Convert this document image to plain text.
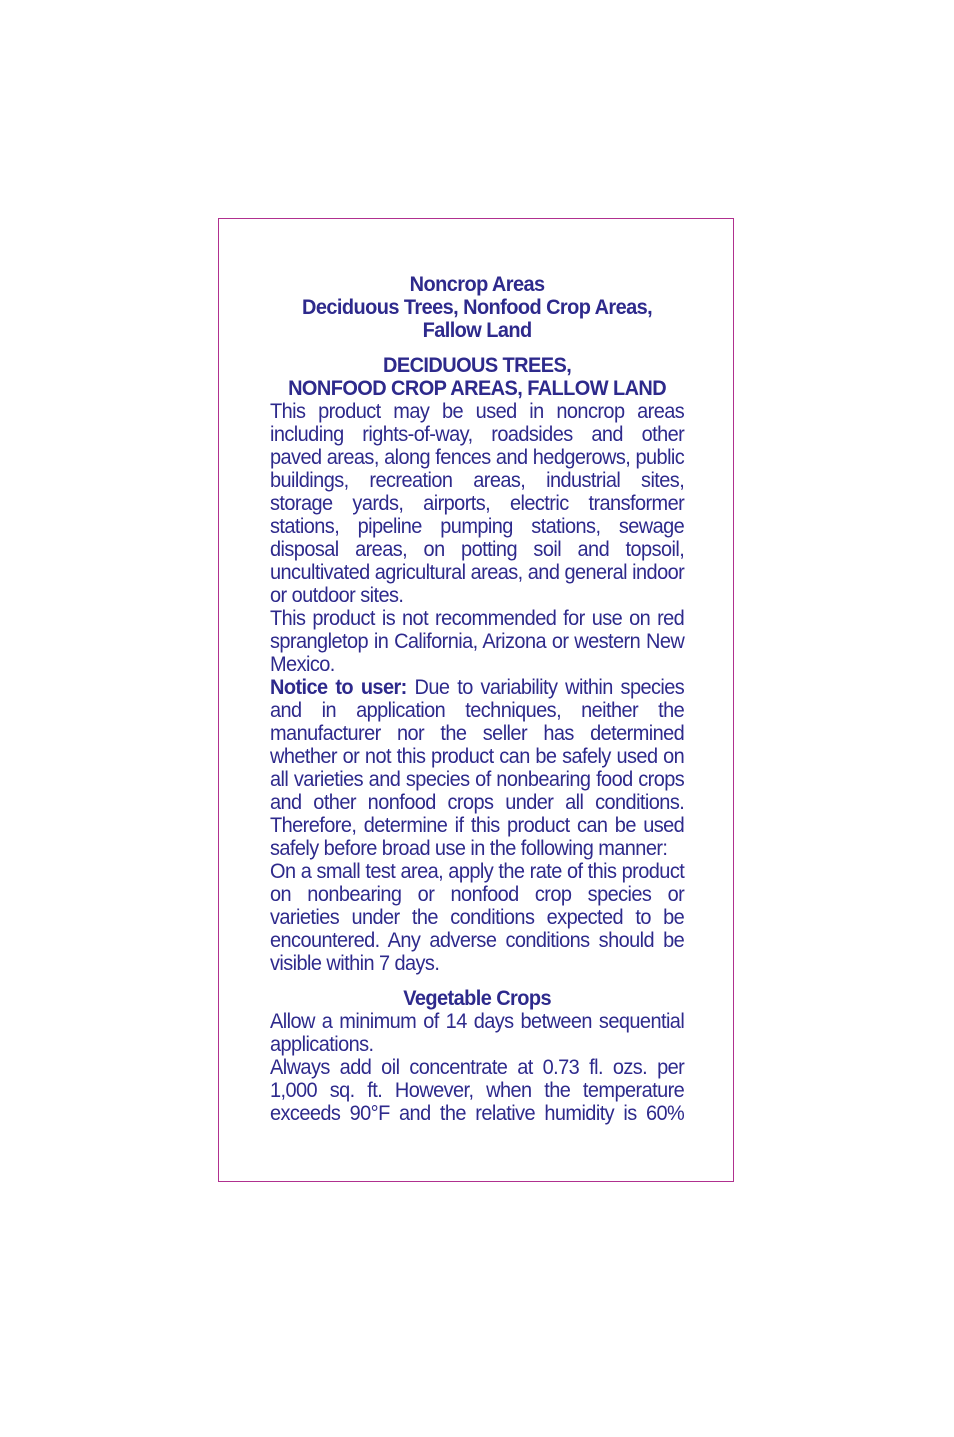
Noncrop Areas
Deciduous Trees, Nonfood Crop Areas,
Fallow Land
DECIDUOUS TREES,
NONFOOD CROP AREAS, FALLOW LAND

This product may be used in noncrop areas including rights-of-way, roadsides and other paved areas, along fences and hedgerows, public buildings, recreation areas, industrial sites, storage yards, airports, electric transformer stations, pipeline pumping stations, sewage disposal areas, on potting soil and topsoil, uncultivated agricultural areas, and general indoor or outdoor sites.

This product is not recommended for use on red sprangletop in California, Arizona or western New Mexico.

Notice to user: Due to variability within species and in application techniques, neither the manufacturer nor the seller has determined whether or not this product can be safely used on all varieties and species of nonbearing food crops and other nonfood crops under all conditions. Therefore, determine if this product can be used safely before broad use in the following manner:

On a small test area, apply the rate of this product on nonbearing or nonfood crop species or varieties under the conditions expected to be encountered. Any adverse conditions should be visible within 7 days.

Vegetable Crops

Allow a minimum of 14 days between sequential applications.

Always add oil concentrate at 0.73 fl. ozs. per 1,000 sq. ft. However, when the temperature exceeds 90°F and the relative humidity is 60%
